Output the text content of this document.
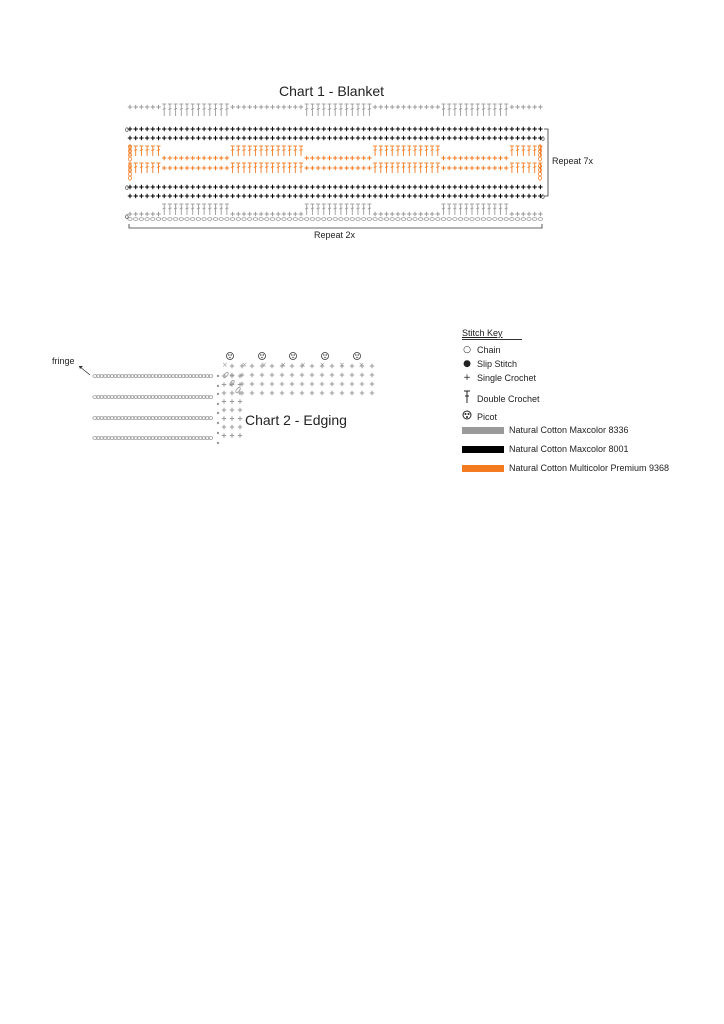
Chart 1 - Blanket
0
0
0
0
0
Repeat 7x
Repeat 2x
× × × × × × × ×
Chart 2 - Edging
fringe
Stitch Key
○ Chain
● Slip Stitch
+ Single Crochet
Double Crochet
Picot
Natural Cotton Maxcolor 8336
Natural Cotton Maxcolor 8001
Natural Cotton Multicolor Premium 9368
